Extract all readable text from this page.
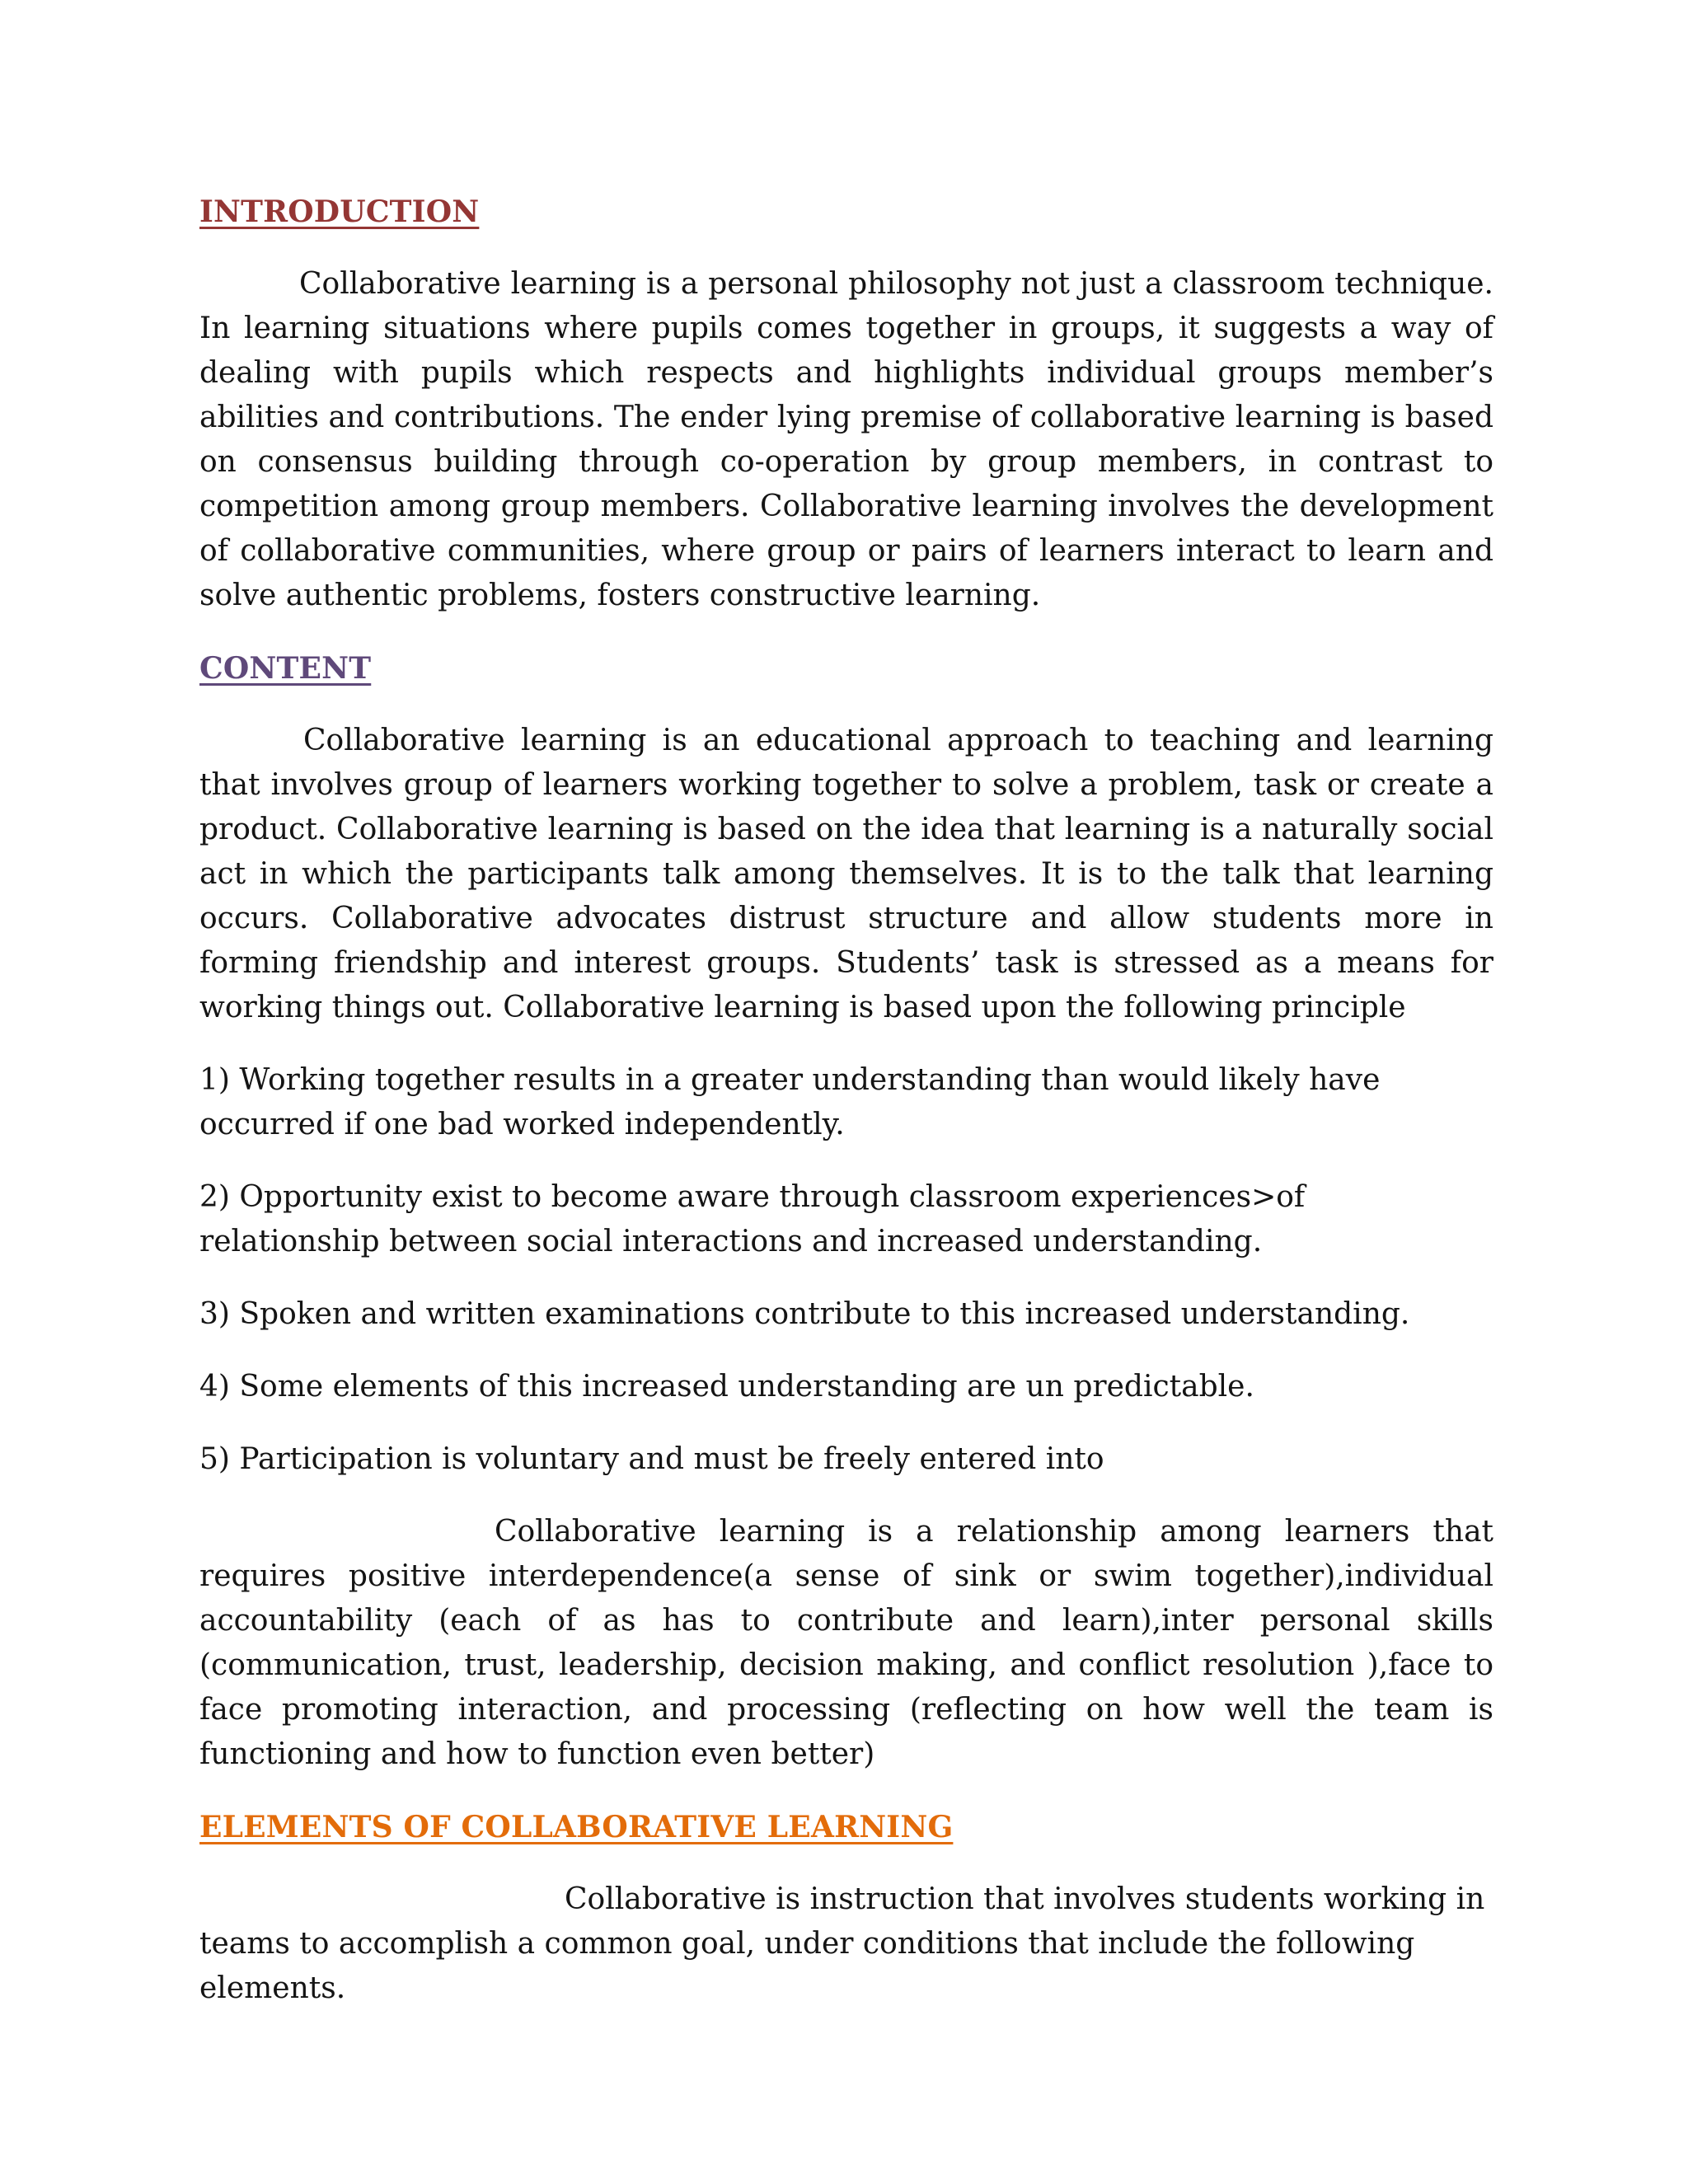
INTRODUCTION

Collaborative learning is a personal philosophy not just a classroom technique. In learning situations where pupils comes together in groups, it suggests a way of dealing with pupils which respects and highlights individual groups member’s abilities and contributions. The ender lying premise of collaborative learning is based on consensus building through co-operation by group members, in contrast to competition among group members. Collaborative learning involves the development of collaborative communities, where group or pairs of learners interact to learn and solve authentic problems, fosters constructive learning.

CONTENT

Collaborative learning is an educational approach to teaching and learning that involves group of learners working together to solve a problem, task or create a product. Collaborative learning is based on the idea that learning is a naturally social act in which the participants talk among themselves. It is to the talk that learning occurs. Collaborative advocates distrust structure and allow students more in forming friendship and interest groups. Students’ task is stressed as a means for working things out. Collaborative learning is based upon the following principle

1) Working together results in a greater understanding than would likely have occurred if one bad worked independently.
2) Opportunity exist to become aware through classroom experiences>of relationship between social interactions and increased understanding.
3) Spoken and written examinations contribute to this increased understanding.
4) Some elements of this increased understanding are un predictable.
5) Participation is voluntary and must be freely entered into

Collaborative learning is a relationship among learners that requires positive interdependence(a sense of sink or swim together),individual accountability (each of as has to contribute and learn),inter personal skills (communication, trust, leadership, decision making, and conflict resolution ),face to face promoting interaction, and processing (reflecting on how well the team is functioning and how to function even better)

ELEMENTS OF COLLABORATIVE LEARNING

Collaborative is instruction that involves students working in teams to accomplish a common goal, under conditions that include the following elements.
